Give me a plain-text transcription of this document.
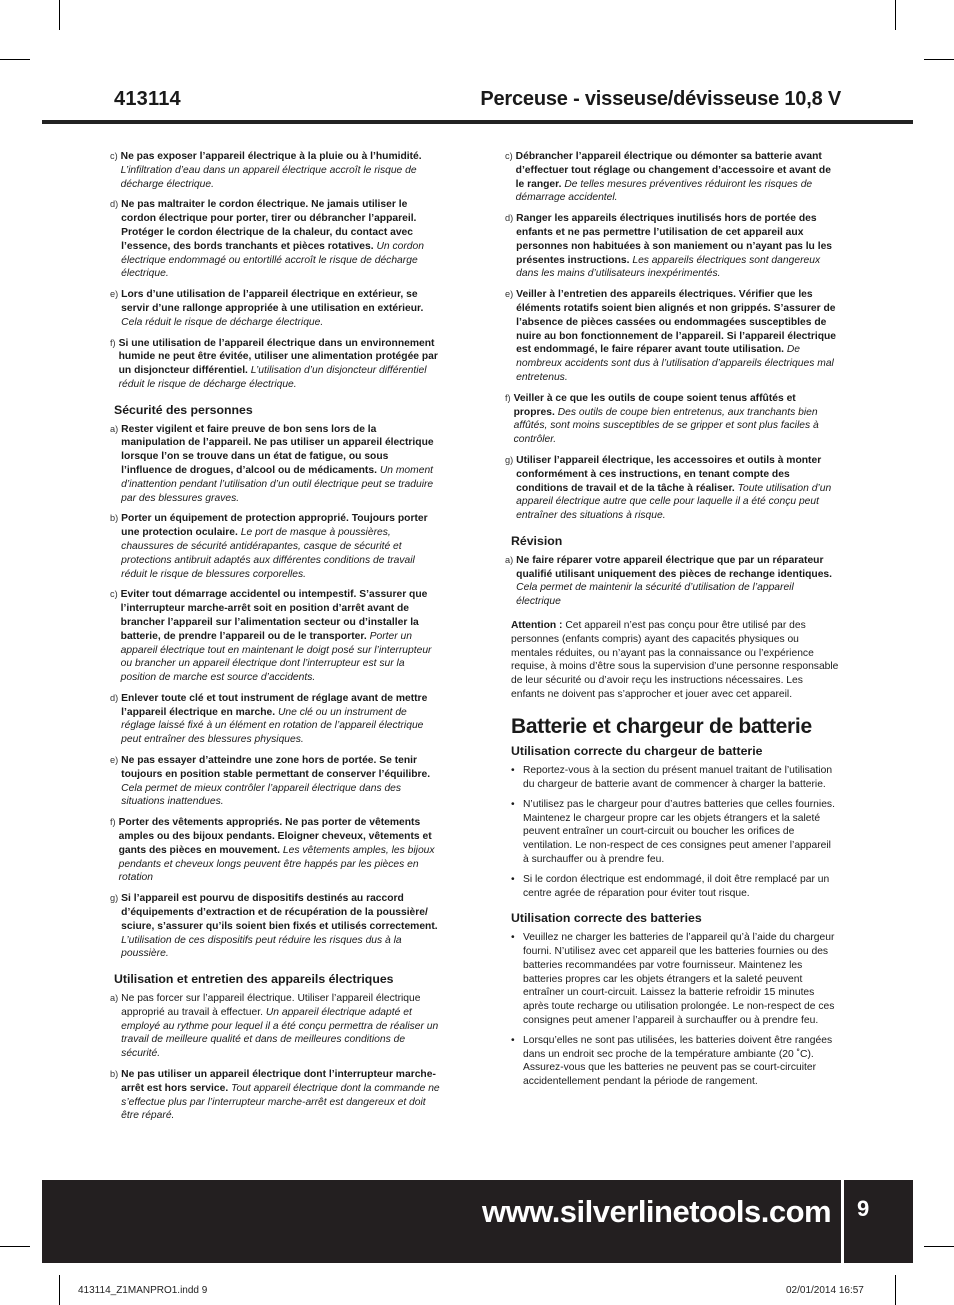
413114	Perceuse - visseuse/dévisseuse 10,8 V
c) Ne pas exposer l’appareil électrique à la pluie ou à l’humidité. L’infiltration d’eau dans un appareil électrique accroît le risque de décharge électrique.
d) Ne pas maltraiter le cordon électrique. Ne jamais utiliser le cordon électrique pour porter, tirer ou débrancher l’appareil. Protéger le cordon électrique de la chaleur, du contact avec l’essence, des bords tranchants et pièces rotatives. Un cordon électrique endommagé ou entortillé accroît le risque de décharge électrique.
e) Lors d’une utilisation de l’appareil électrique en extérieur, se servir d’une rallonge appropriée à une utilisation en extérieur. Cela réduit le risque de décharge électrique.
f) Si une utilisation de l’appareil électrique dans un environnement humide ne peut être évitée, utiliser une alimentation protégée par un disjoncteur différentiel. L’utilisation d’un disjoncteur différentiel réduit le risque de décharge électrique.
Sécurité des personnes
a) Rester vigilent et faire preuve de bon sens lors de la manipulation de l’appareil. Ne pas utiliser un appareil électrique lorsque l’on se trouve dans un état de fatigue, ou sous l’influence de drogues, d’alcool ou de médicaments. Un moment d’inattention pendant l’utilisation d’un outil électrique peut se traduire par des blessures graves.
b) Porter un équipement de protection approprié. Toujours porter une protection oculaire. Le port de masque à poussières, chaussures de sécurité antidérapantes, casque de sécurité et protections antibruit adaptés aux différentes conditions de travail réduit le risque de blessures corporelles.
c) Eviter tout démarrage accidentel ou intempestif. S’assurer que l’interrupteur marche-arrêt soit en position d’arrêt avant de brancher l’appareil sur l’alimentation secteur ou d’installer la batterie, de prendre l’appareil ou de le transporter. Porter un appareil électrique tout en maintenant le doigt posé sur l’interrupteur ou brancher un appareil électrique dont l’interrupteur est sur la position de marche est source d’accidents.
d) Enlever toute clé et tout instrument de réglage avant de mettre l’appareil électrique en marche. Une clé ou un instrument de réglage laissé fixé à un élément en rotation de l’appareil électrique peut entraîner des blessures physiques.
e) Ne pas essayer d’atteindre une zone hors de portée. Se tenir toujours en position stable permettant de conserver l’équilibre. Cela permet de mieux contrôler l’appareil électrique dans des situations inattendues.
f) Porter des vêtements appropriés. Ne pas porter de vêtements amples ou des bijoux pendants. Eloigner cheveux, vêtements et gants des pièces en mouvement. Les vêtements amples, les bijoux pendants et cheveux longs peuvent être happés par les pièces en rotation
g) Si l’appareil est pourvu de dispositifs destinés au raccord d’équipements d’extraction et de récupération de la poussière/ sciure, s’assurer qu’ils soient bien fixés et utilisés correctement. L’utilisation de ces dispositifs peut réduire les risques dus à la poussière.
Utilisation et entretien des appareils électriques
a) Ne pas forcer sur l’appareil électrique. Utiliser l’appareil électrique approprié au travail à effectuer. Un appareil électrique adapté et employé au rythme pour lequel il a été conçu permettra de réaliser un travail de meilleure qualité et dans de meilleures conditions de sécurité.
b) Ne pas utiliser un appareil électrique dont l’interrupteur marche-arrêt est hors service. Tout appareil électrique dont la commande ne s’effectue plus par l’interrupteur marche-arrêt est dangereux et doit être réparé.
c) Débrancher l’appareil électrique ou démonter sa batterie avant d’effectuer tout réglage ou changement d’accessoire et avant de le ranger. De telles mesures préventives réduiront les risques de démarrage accidentel.
d) Ranger les appareils électriques inutilisés hors de portée des enfants et ne pas permettre l’utilisation de cet appareil aux personnes non habituées à son maniement ou n’ayant pas lu les présentes instructions. Les appareils électriques sont dangereux dans les mains d’utilisateurs inexpérimentés.
e) Veiller à l’entretien des appareils électriques. Vérifier que les éléments rotatifs soient bien alignés et non grippés. S’assurer de l’absence de pièces cassées ou endommagées susceptibles de nuire au bon fonctionnement de l’appareil. Si l’appareil électrique est endommagé, le faire réparer avant toute utilisation. De nombreux accidents sont dus à l’utilisation d’appareils électriques mal entretenus.
f) Veiller à ce que les outils de coupe soient tenus affûtés et propres. Des outils de coupe bien entretenus, aux tranchants bien affûtés, sont moins susceptibles de se gripper et sont plus faciles à contrôler.
g) Utiliser l’appareil électrique, les accessoires et outils à monter conformément à ces instructions, en tenant compte des conditions de travail et de la tâche à réaliser. Toute utilisation d’un appareil électrique autre que celle pour laquelle il a été conçu peut entraîner des situations à risque.
Révision
a) Ne faire réparer votre appareil électrique que par un réparateur qualifié utilisant uniquement des pièces de rechange identiques. Cela permet de maintenir la sécurité d’utilisation de l’appareil électrique

Attention : Cet appareil n’est pas conçu pour être utilisé par des personnes (enfants compris) ayant des capacités physiques ou mentales réduites, ou n’ayant pas la connaissance ou l’expérience requise, à moins d’être sous la supervision d’une personne responsable de leur sécurité ou d’avoir reçu les instructions nécessaires. Les enfants ne doivent pas s’approcher et jouer avec cet appareil.

Batterie et chargeur de batterie
Utilisation correcte du chargeur de batterie
• Reportez-vous à la section du présent manuel traitant de l’utilisation du chargeur de batterie avant de commencer à charger la batterie.
• N’utilisez pas le chargeur pour d’autres batteries que celles fournies. Maintenez le chargeur propre car les objets étrangers et la saleté peuvent entraîner un court-circuit ou boucher les orifices de ventilation. Le non-respect de ces consignes peut amener l’appareil à surchauffer ou à prendre feu.
• Si le cordon électrique est endommagé, il doit être remplacé par un centre agrée de réparation pour éviter tout risque.
Utilisation correcte des batteries
• Veuillez ne charger les batteries de l’appareil qu’à l’aide du chargeur fourni. N’utilisez avec cet appareil que les batteries fournies ou des batteries recommandées par votre fournisseur. Maintenez les batteries propres car les objets étrangers et la saleté peuvent entraîner un court-circuit. Laissez la batterie refroidir 15 minutes après toute recharge ou utilisation prolongée. Le non-respect de ces consignes peut amener l’appareil à surchauffer ou à prendre feu.
• Lorsqu’elles ne sont pas utilisées, les batteries doivent être rangées dans un endroit sec proche de la température ambiante (20 ˚C). Assurez-vous que les batteries ne peuvent pas se court-circuiter accidentellement pendant la période de rangement.
www.silverlinetools.com 9
413114_Z1MANPRO1.indd 9	02/01/2014 16:57
